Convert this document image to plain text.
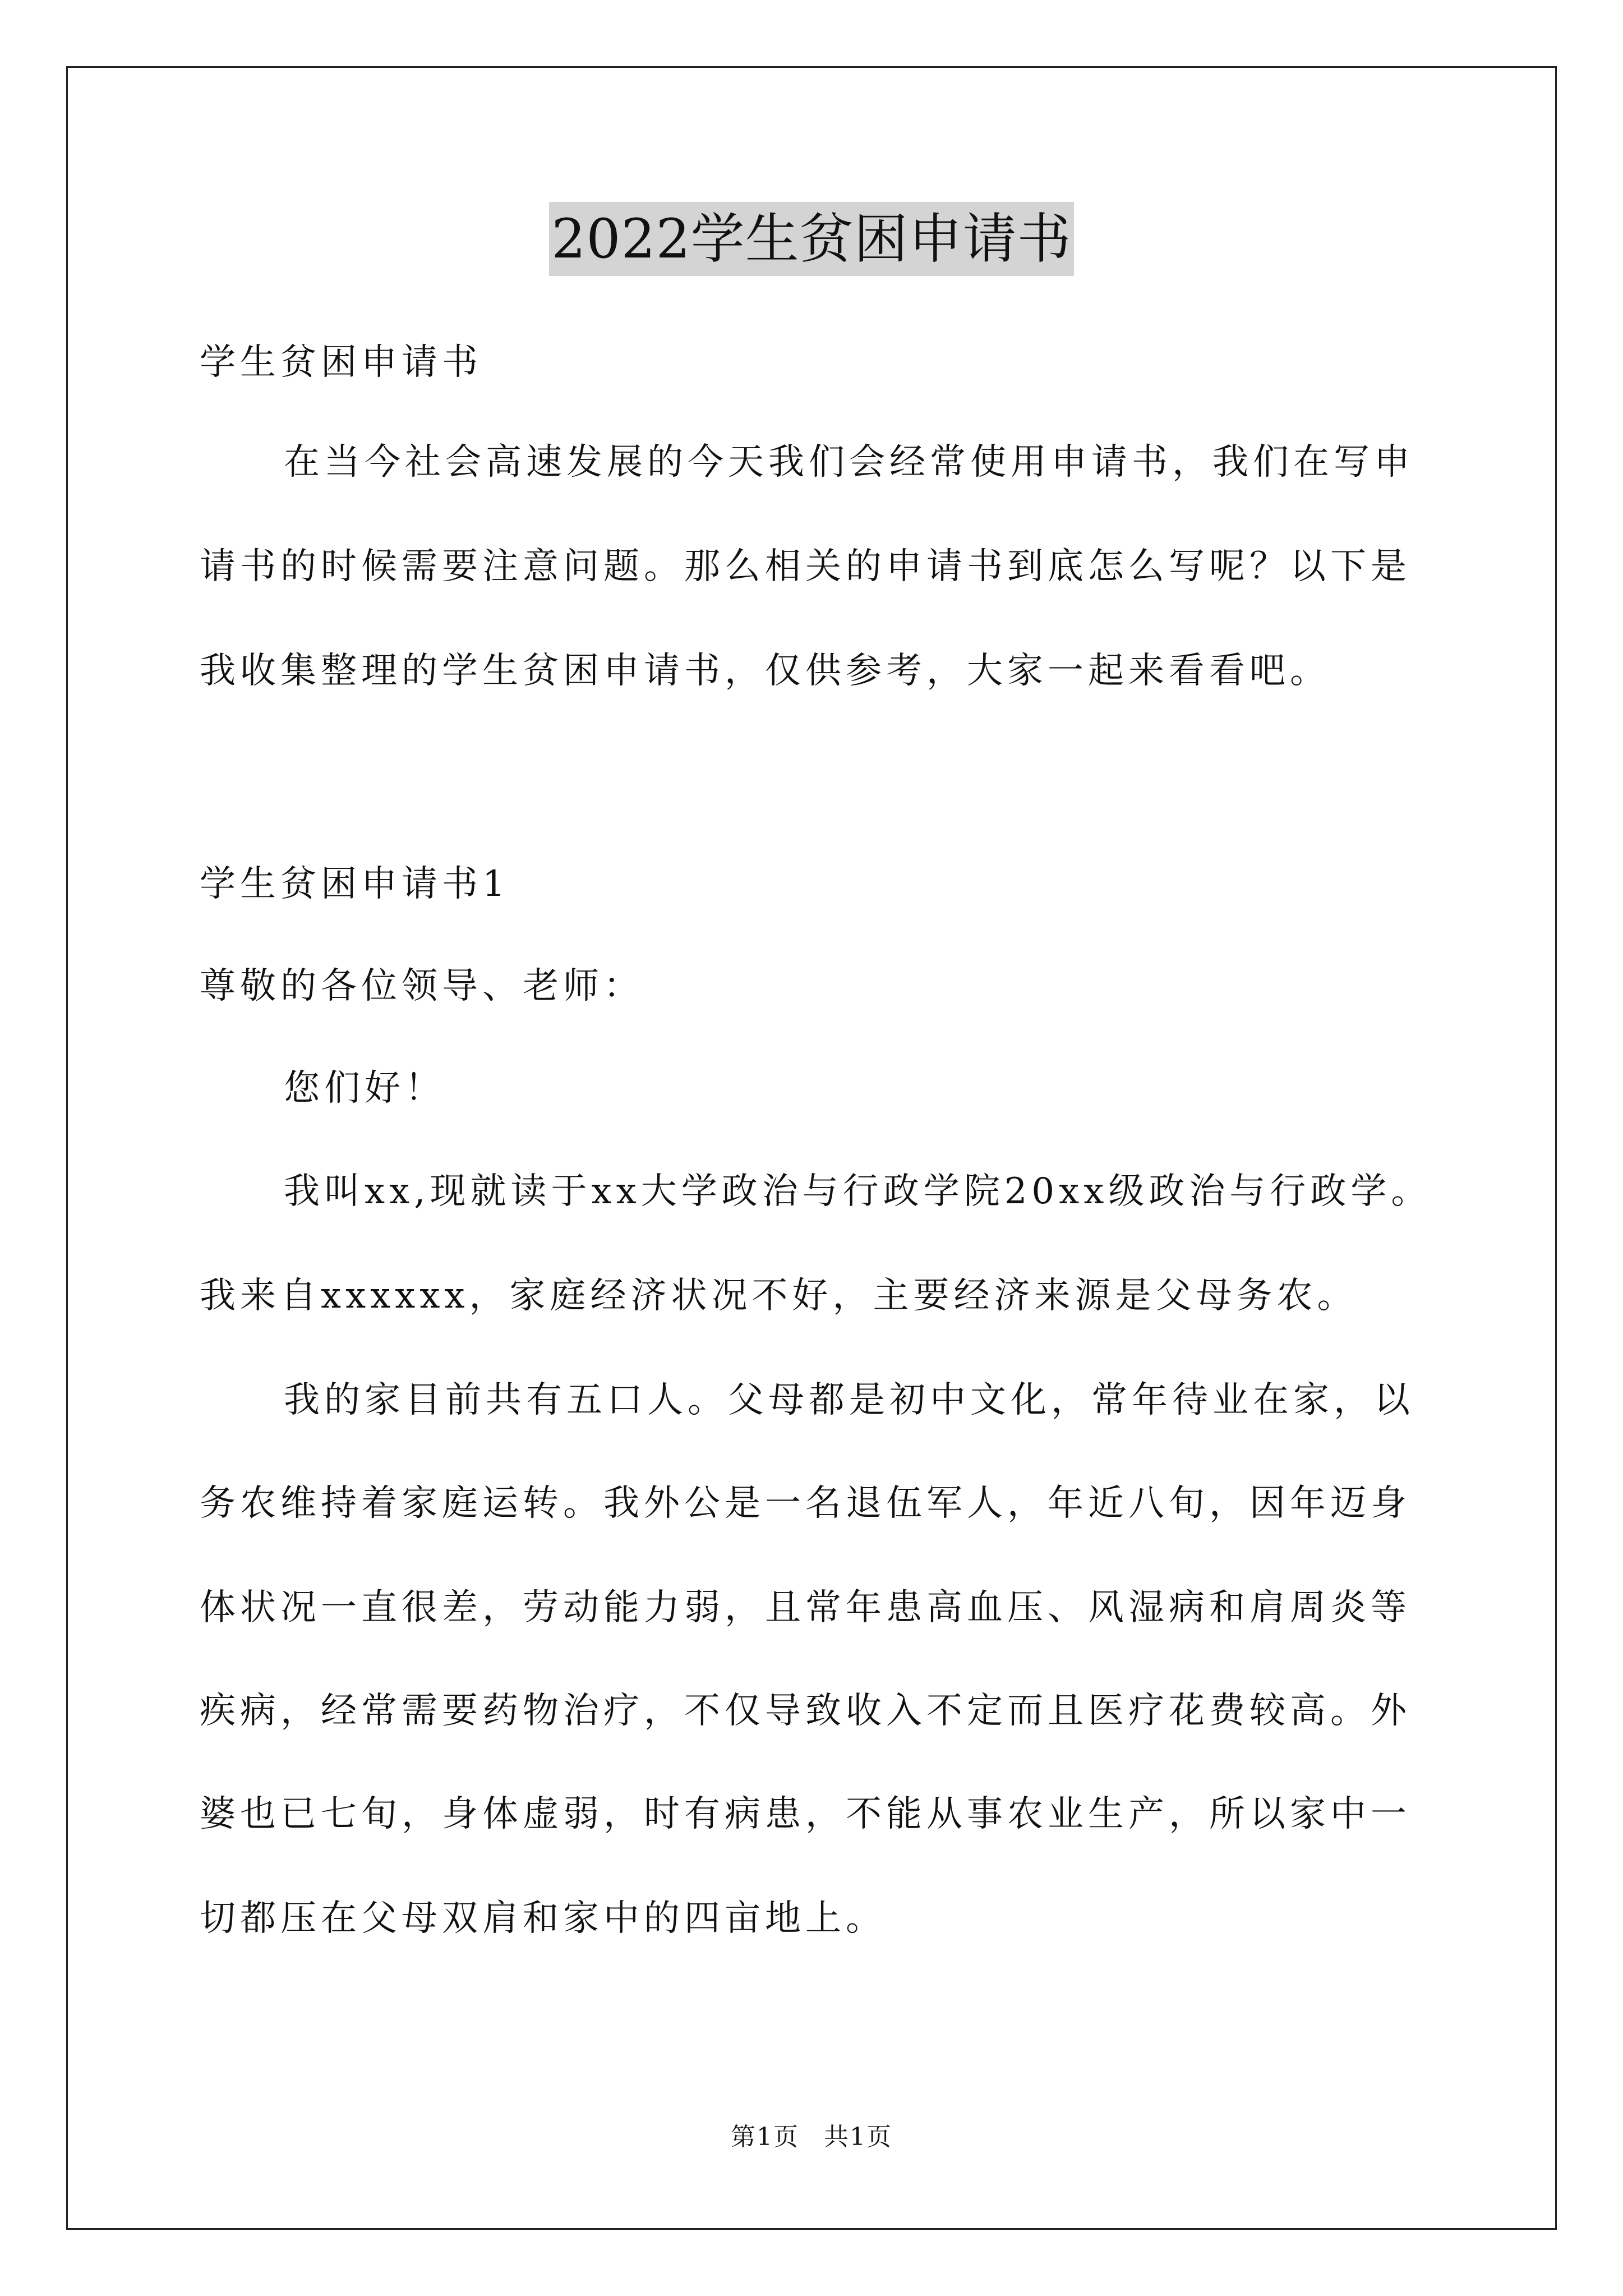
2022学生贫困申请书
学生贫困申请书
在当今社会高速发展的今天我们会经常使用申请书，我们在写申
请书的时候需要注意问题。那么相关的申请书到底怎么写呢？以下是
我收集整理的学生贫困申请书，仅供参考，大家一起来看看吧。
学生贫困申请书1
尊敬的各位领导、老师：
您们好！
我叫xx,现就读于xx大学政治与行政学院20xx级政治与行政学。
我来自xxxxxx，家庭经济状况不好，主要经济来源是父母务农。
我的家目前共有五口人。父母都是初中文化，常年待业在家，以
务农维持着家庭运转。我外公是一名退伍军人，年近八旬，因年迈身
体状况一直很差，劳动能力弱，且常年患高血压、风湿病和肩周炎等
疾病，经常需要药物治疗，不仅导致收入不定而且医疗花费较高。外
婆也已七旬，身体虚弱，时有病患，不能从事农业生产，所以家中一
切都压在父母双肩和家中的四亩地上。
第1页 共1页
